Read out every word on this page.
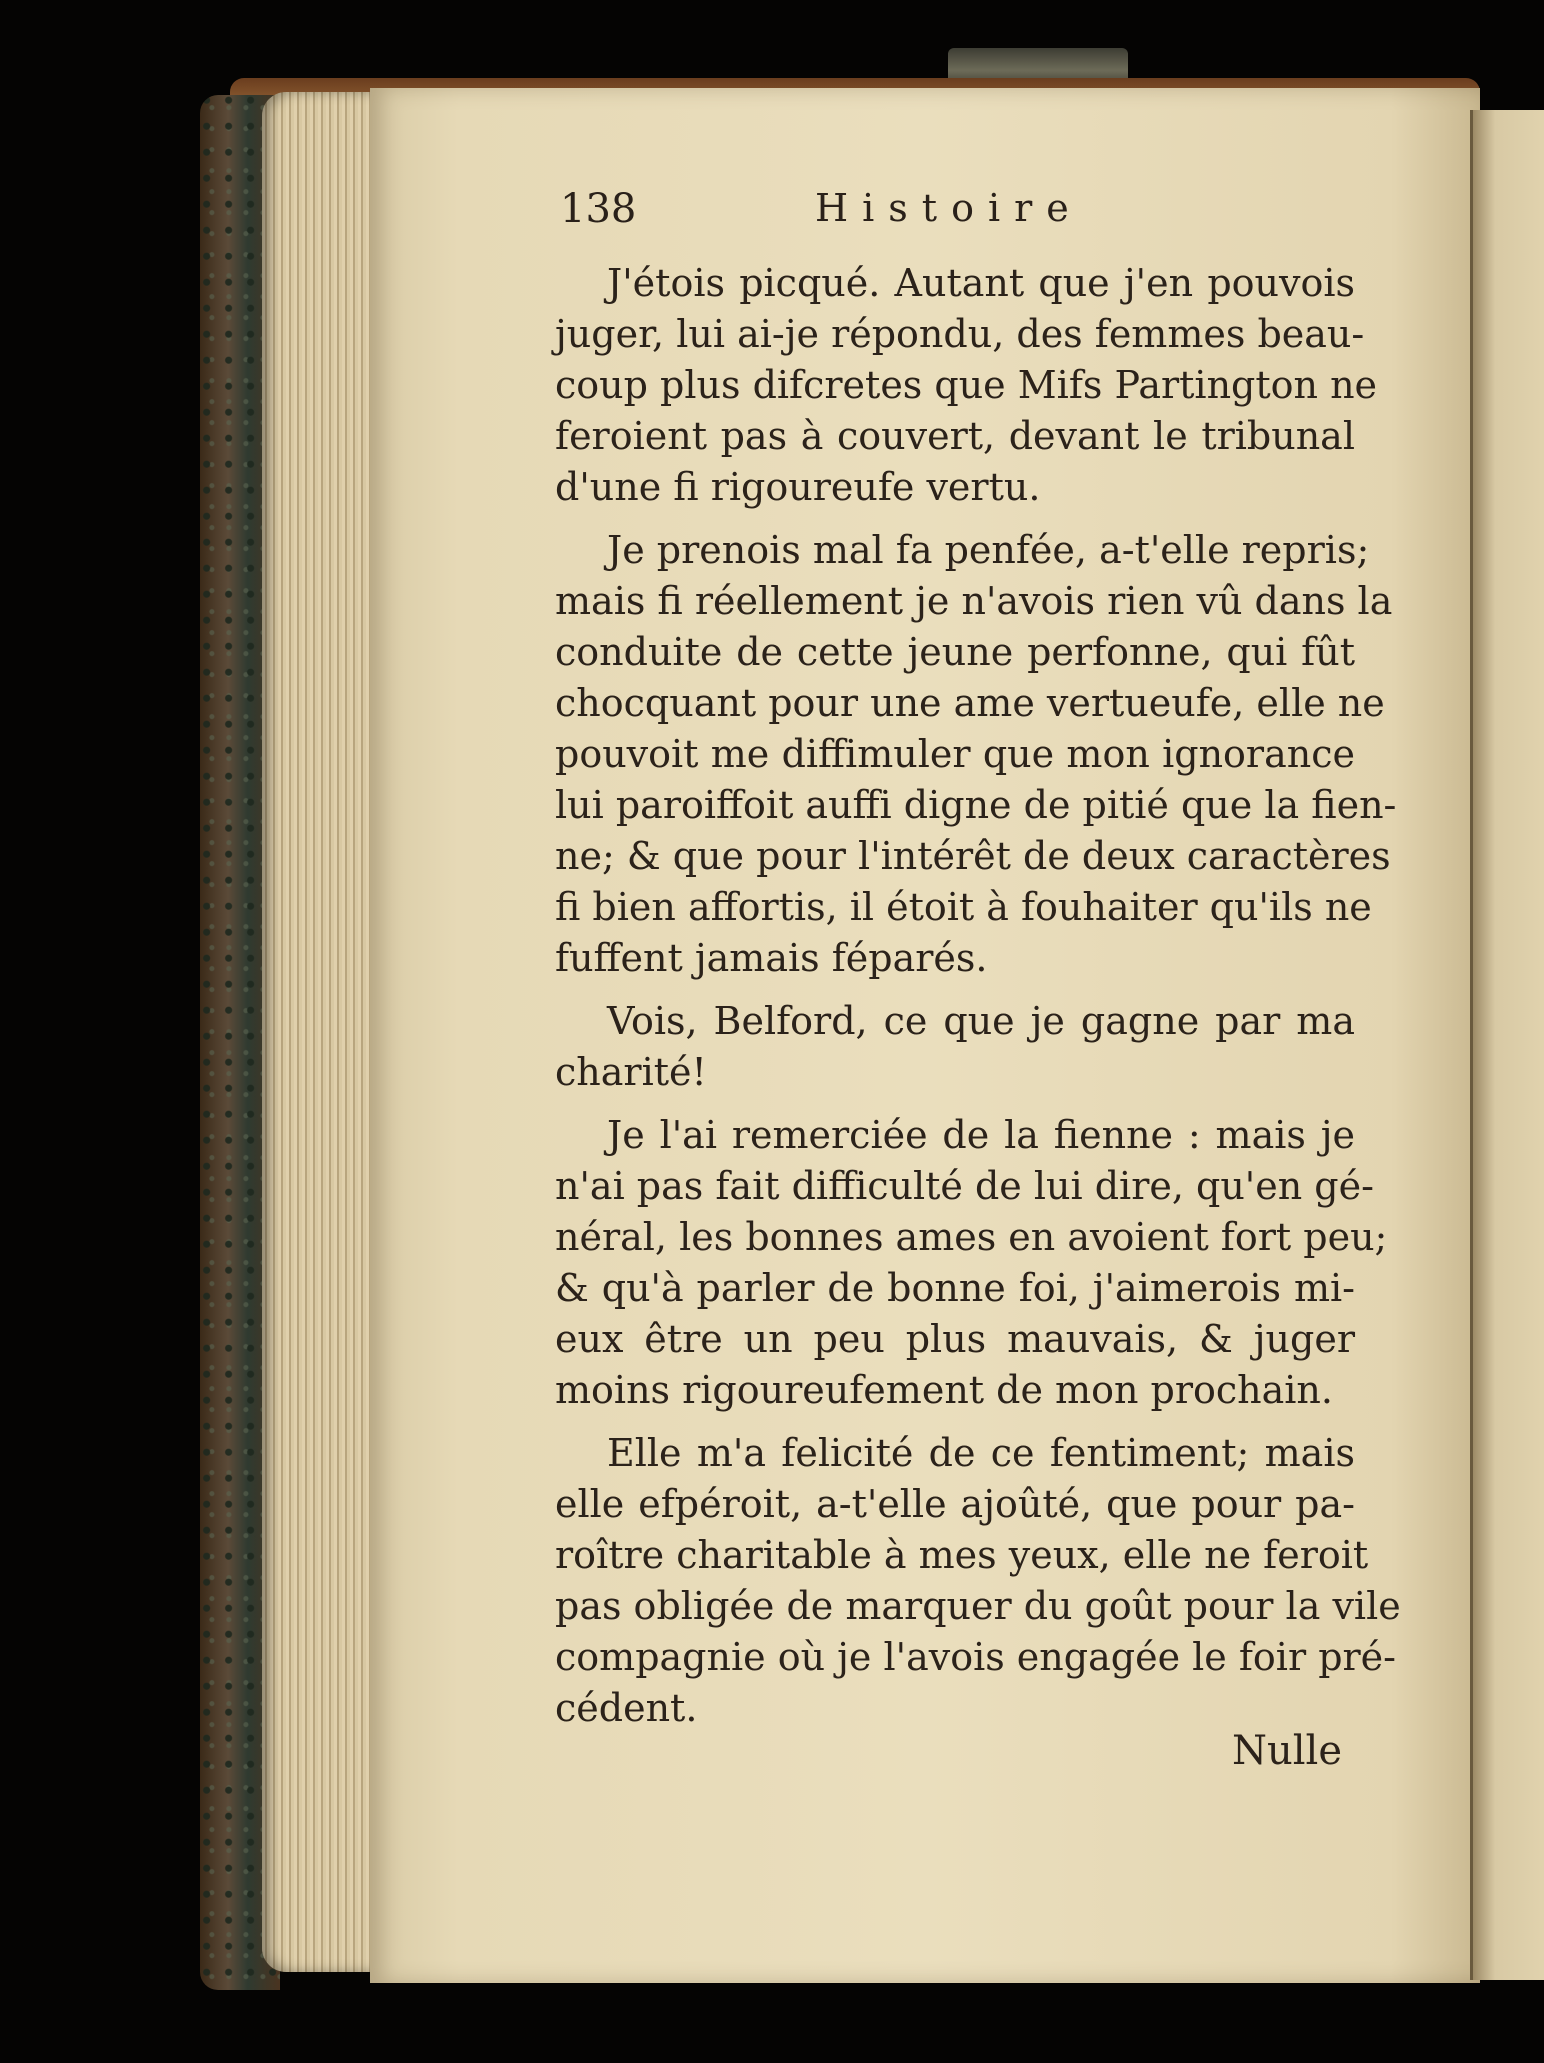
138	Histoire
J'étois picqué. Autant que j'en pouvois
juger, lui ai-je répondu, des femmes beau-
coup plus difcretes que Mifs Partington ne
feroient pas à couvert, devant le tribunal
d'une fi rigoureufe vertu.
Je prenois mal fa penfée, a-t'elle repris;
mais fi réellement je n'avois rien vû dans la
conduite de cette jeune perfonne, qui fût
chocquant pour une ame vertueufe, elle ne
pouvoit me diffimuler que mon ignorance
lui paroiffoit auffi digne de pitié que la fien-
ne; & que pour l'intérêt de deux caractères
fi bien affortis, il étoit à fouhaiter qu'ils ne
fuffent jamais féparés.
Vois, Belford, ce que je gagne par ma
charité!
Je l'ai remerciée de la fienne : mais je
n'ai pas fait difficulté de lui dire, qu'en gé-
néral, les bonnes ames en avoient fort peu;
& qu'à parler de bonne foi, j'aimerois mi-
eux être un peu plus mauvais, & juger
moins rigoureufement de mon prochain.
Elle m'a felicité de ce fentiment; mais
elle efpéroit, a-t'elle ajoûté, que pour pa-
roître charitable à mes yeux, elle ne feroit
pas obligée de marquer du goût pour la vile
compagnie où je l'avois engagée le foir pré-
cédent.
Nulle
